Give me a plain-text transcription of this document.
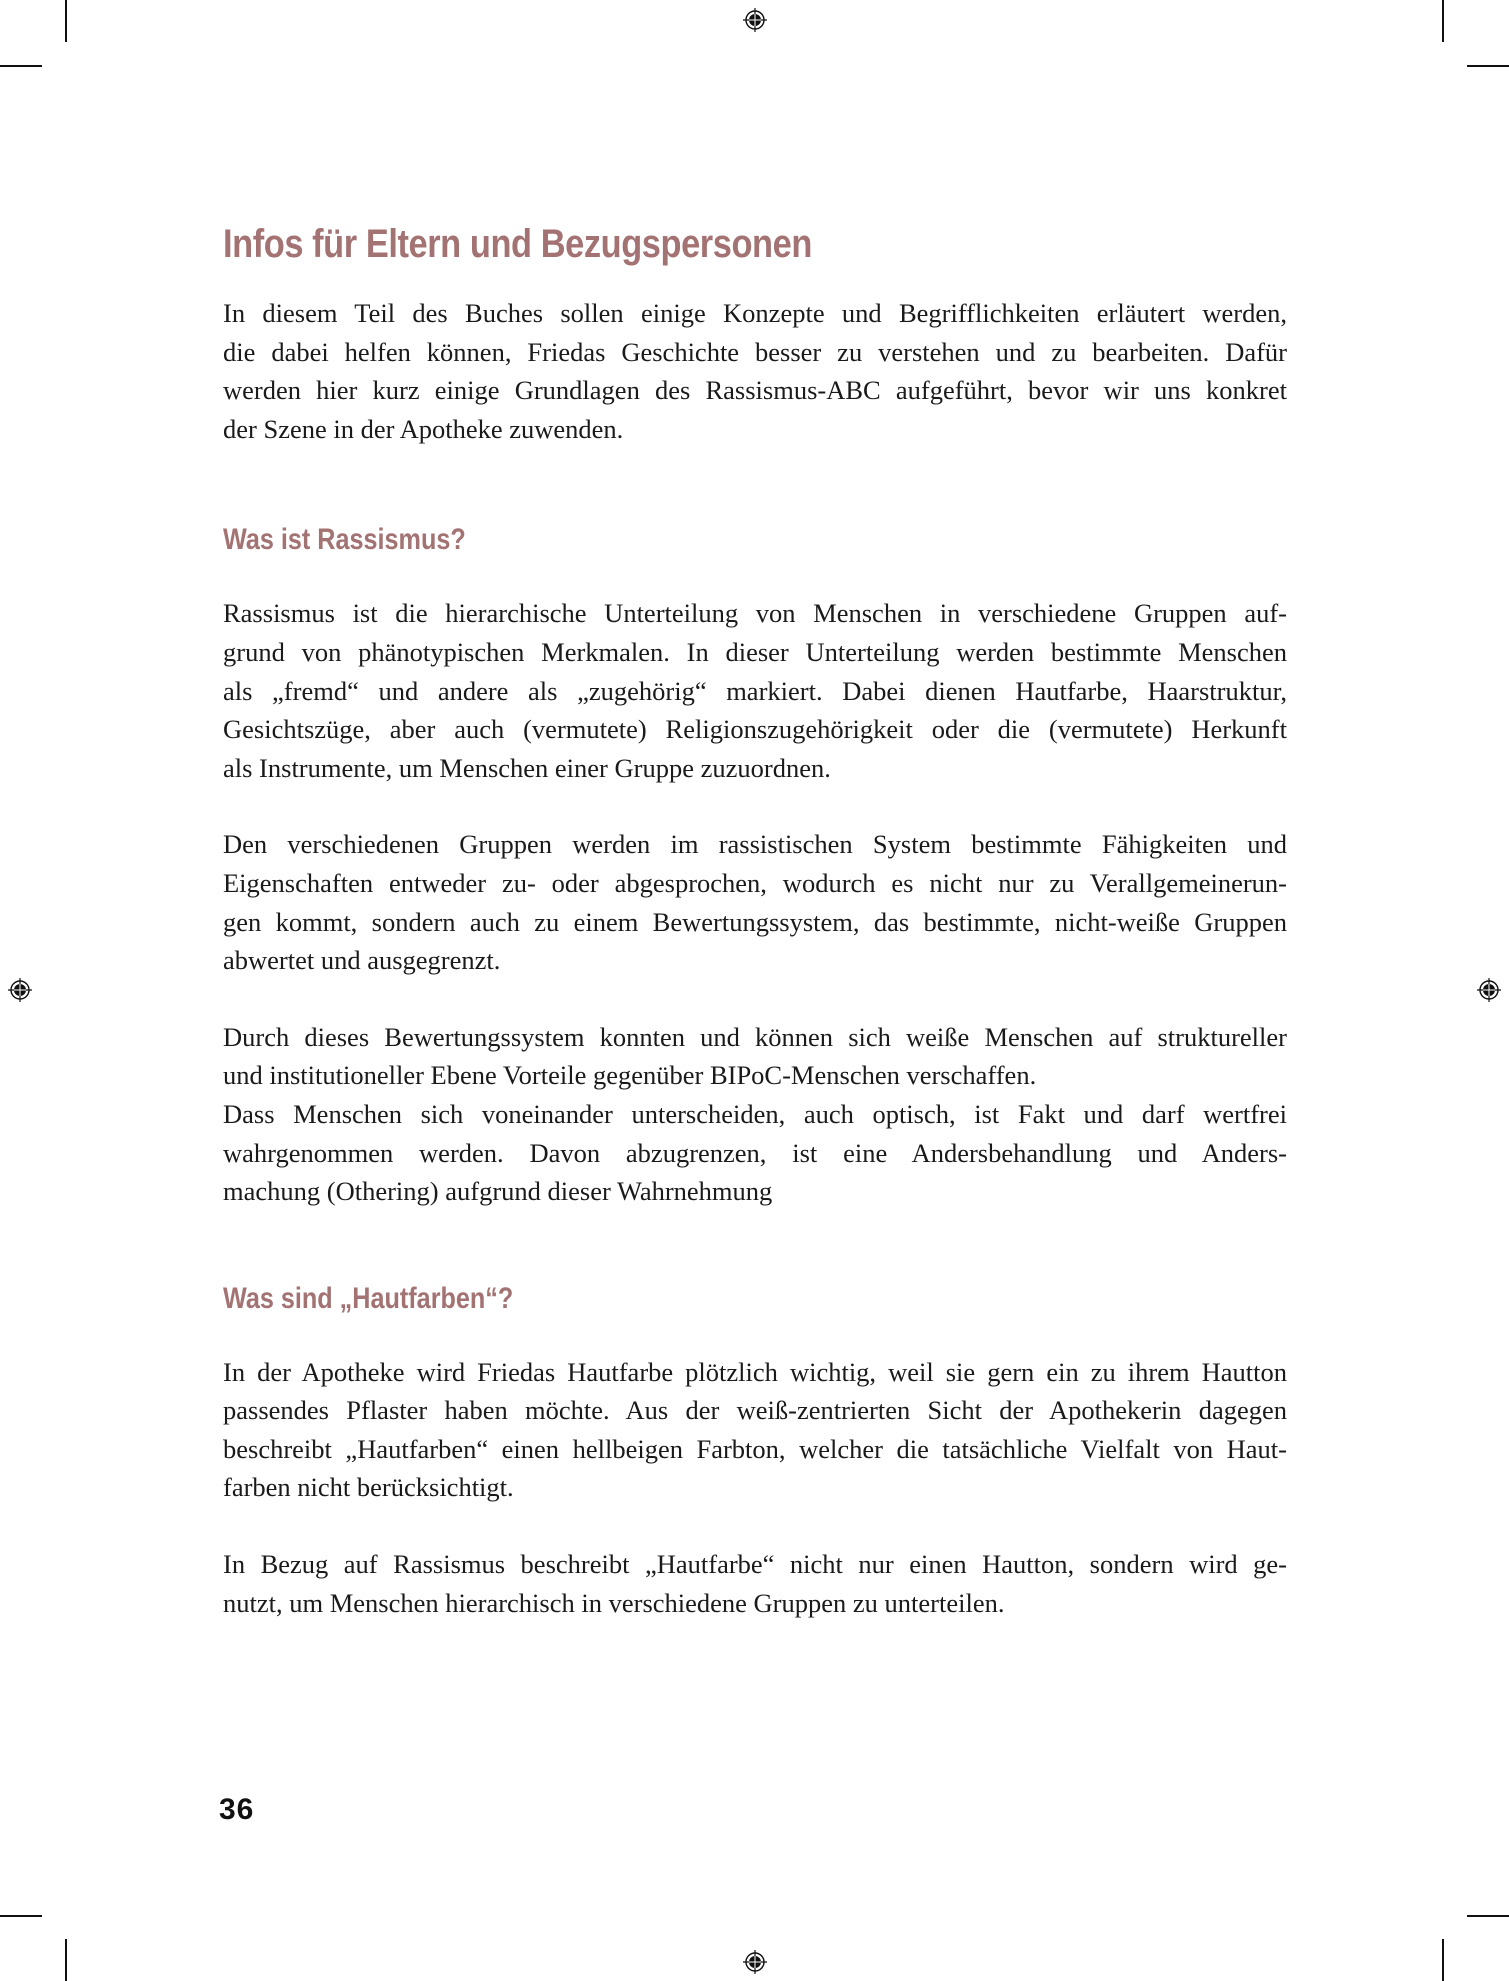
Infos für Eltern und Bezugspersonen
In diesem Teil des Buches sollen einige Konzepte und Begrifflichkeiten erläutert werden,
die dabei helfen können, Friedas Geschichte besser zu verstehen und zu bearbeiten. Dafür
werden hier kurz einige Grundlagen des Rassismus-ABC aufgeführt, bevor wir uns konkret
der Szene in der Apotheke zuwenden.
Was ist Rassismus?
Rassismus ist die hierarchische Unterteilung von Menschen in verschiedene Gruppen auf-
grund von phänotypischen Merkmalen. In dieser Unterteilung werden bestimmte Menschen
als „fremd“ und andere als „zugehörig“ markiert. Dabei dienen Hautfarbe, Haarstruktur,
Gesichtszüge, aber auch (vermutete) Religionszugehörigkeit oder die (vermutete) Herkunft
als Instrumente, um Menschen einer Gruppe zuzuordnen.
Den verschiedenen Gruppen werden im rassistischen System bestimmte Fähigkeiten und
Eigenschaften entweder zu- oder abgesprochen, wodurch es nicht nur zu Verallgemeinerun-
gen kommt, sondern auch zu einem Bewertungssystem, das bestimmte, nicht-weiße Gruppen
abwertet und ausgegrenzt.
Durch dieses Bewertungssystem konnten und können sich weiße Menschen auf struktureller
und institutioneller Ebene Vorteile gegenüber BIPoC-Menschen verschaffen.
Dass Menschen sich voneinander unterscheiden, auch optisch, ist Fakt und darf wertfrei
wahrgenommen werden. Davon abzugrenzen, ist eine Andersbehandlung und Anders-
machung (Othering) aufgrund dieser Wahrnehmung
Was sind „Hautfarben“?
In der Apotheke wird Friedas Hautfarbe plötzlich wichtig, weil sie gern ein zu ihrem Hautton
passendes Pflaster haben möchte. Aus der weiß-zentrierten Sicht der Apothekerin dagegen
beschreibt „Hautfarben“ einen hellbeigen Farbton, welcher die tatsächliche Vielfalt von Haut-
farben nicht berücksichtigt.
In Bezug auf Rassismus beschreibt „Hautfarbe“ nicht nur einen Hautton, sondern wird ge-
nutzt, um Menschen hierarchisch in verschiedene Gruppen zu unterteilen.
36
